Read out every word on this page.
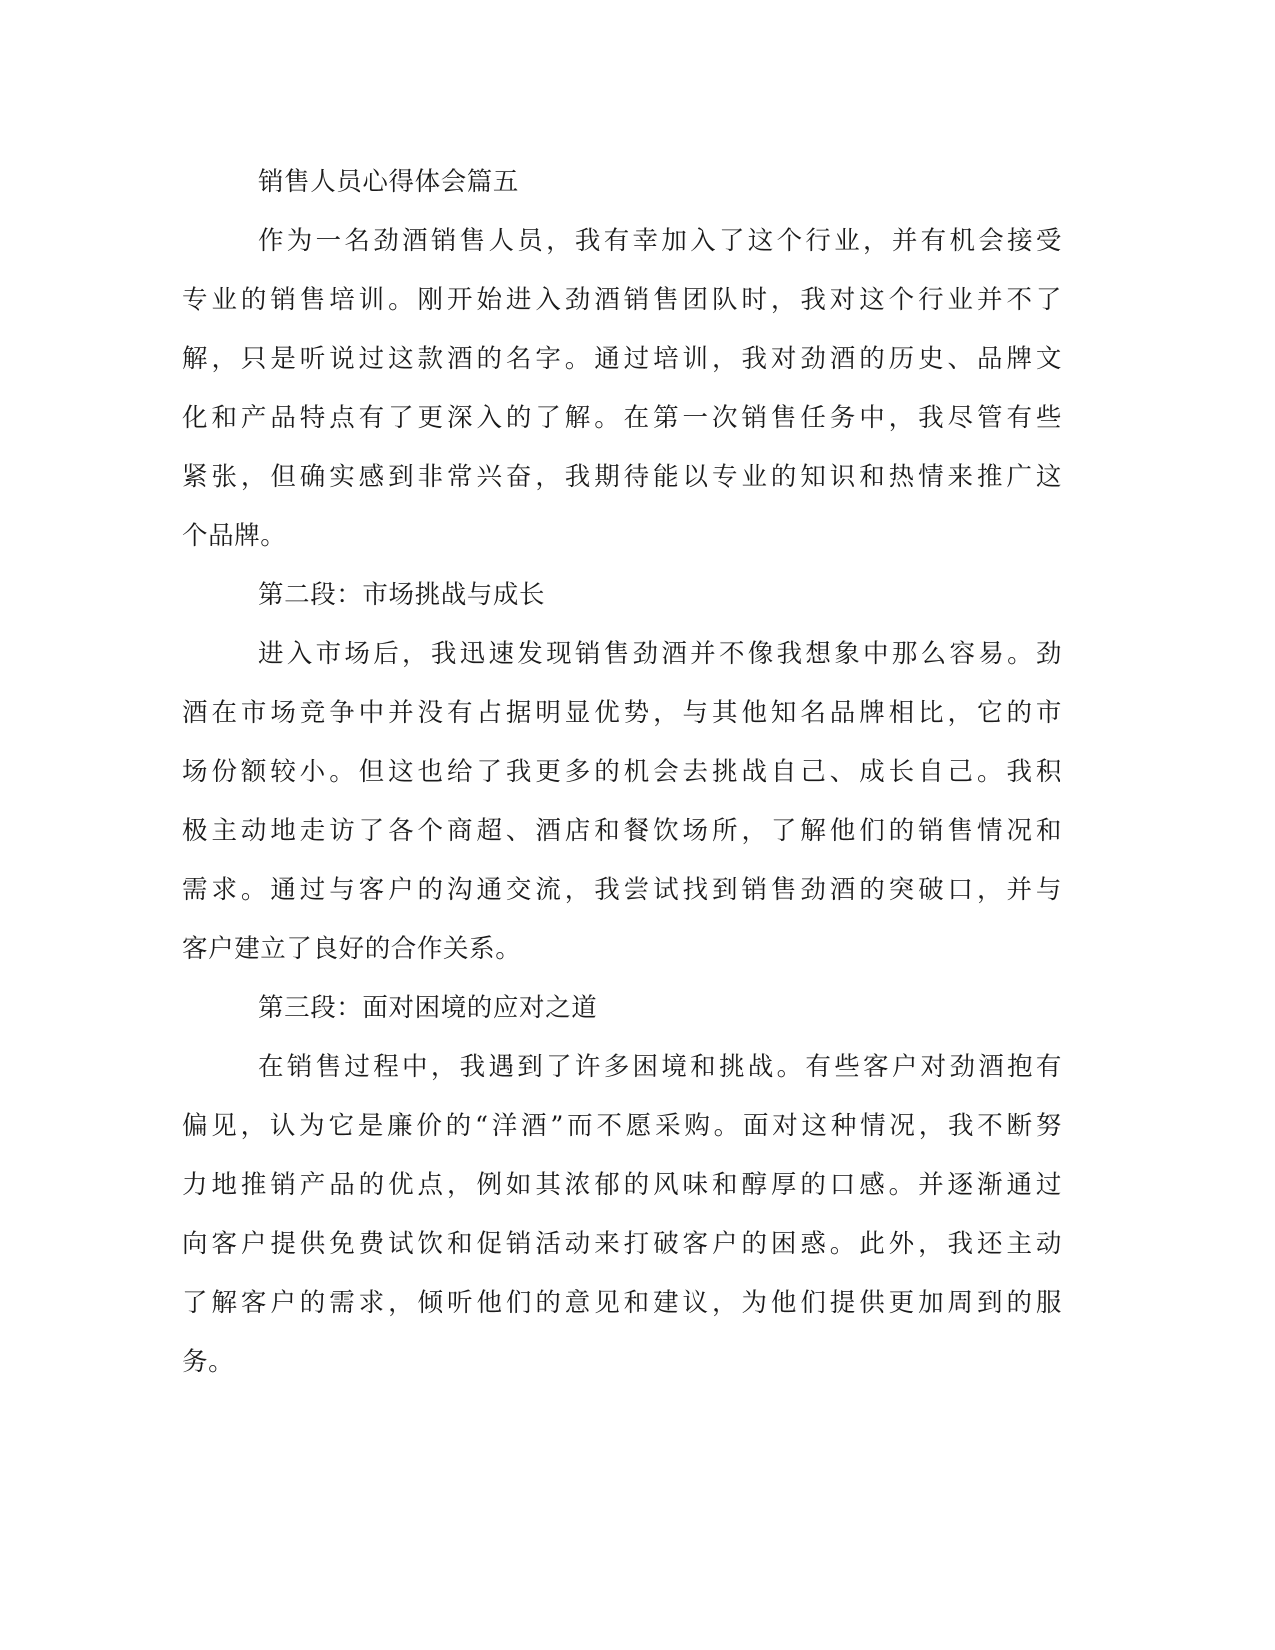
销售人员心得体会篇五
作为一名劲酒销售人员，我有幸加入了这个行业，并有机会接受
专业的销售培训。刚开始进入劲酒销售团队时，我对这个行业并不了
解，只是听说过这款酒的名字。通过培训，我对劲酒的历史、品牌文
化和产品特点有了更深入的了解。在第一次销售任务中，我尽管有些
紧张，但确实感到非常兴奋，我期待能以专业的知识和热情来推广这
个品牌。
第二段：市场挑战与成长
进入市场后，我迅速发现销售劲酒并不像我想象中那么容易。劲
酒在市场竞争中并没有占据明显优势，与其他知名品牌相比，它的市
场份额较小。但这也给了我更多的机会去挑战自己、成长自己。我积
极主动地走访了各个商超、酒店和餐饮场所，了解他们的销售情况和
需求。通过与客户的沟通交流，我尝试找到销售劲酒的突破口，并与
客户建立了良好的合作关系。
第三段：面对困境的应对之道
在销售过程中，我遇到了许多困境和挑战。有些客户对劲酒抱有
偏见，认为它是廉价的“洋酒”而不愿采购。面对这种情况，我不断努
力地推销产品的优点，例如其浓郁的风味和醇厚的口感。并逐渐通过
向客户提供免费试饮和促销活动来打破客户的困惑。此外，我还主动
了解客户的需求，倾听他们的意见和建议，为他们提供更加周到的服
务。
